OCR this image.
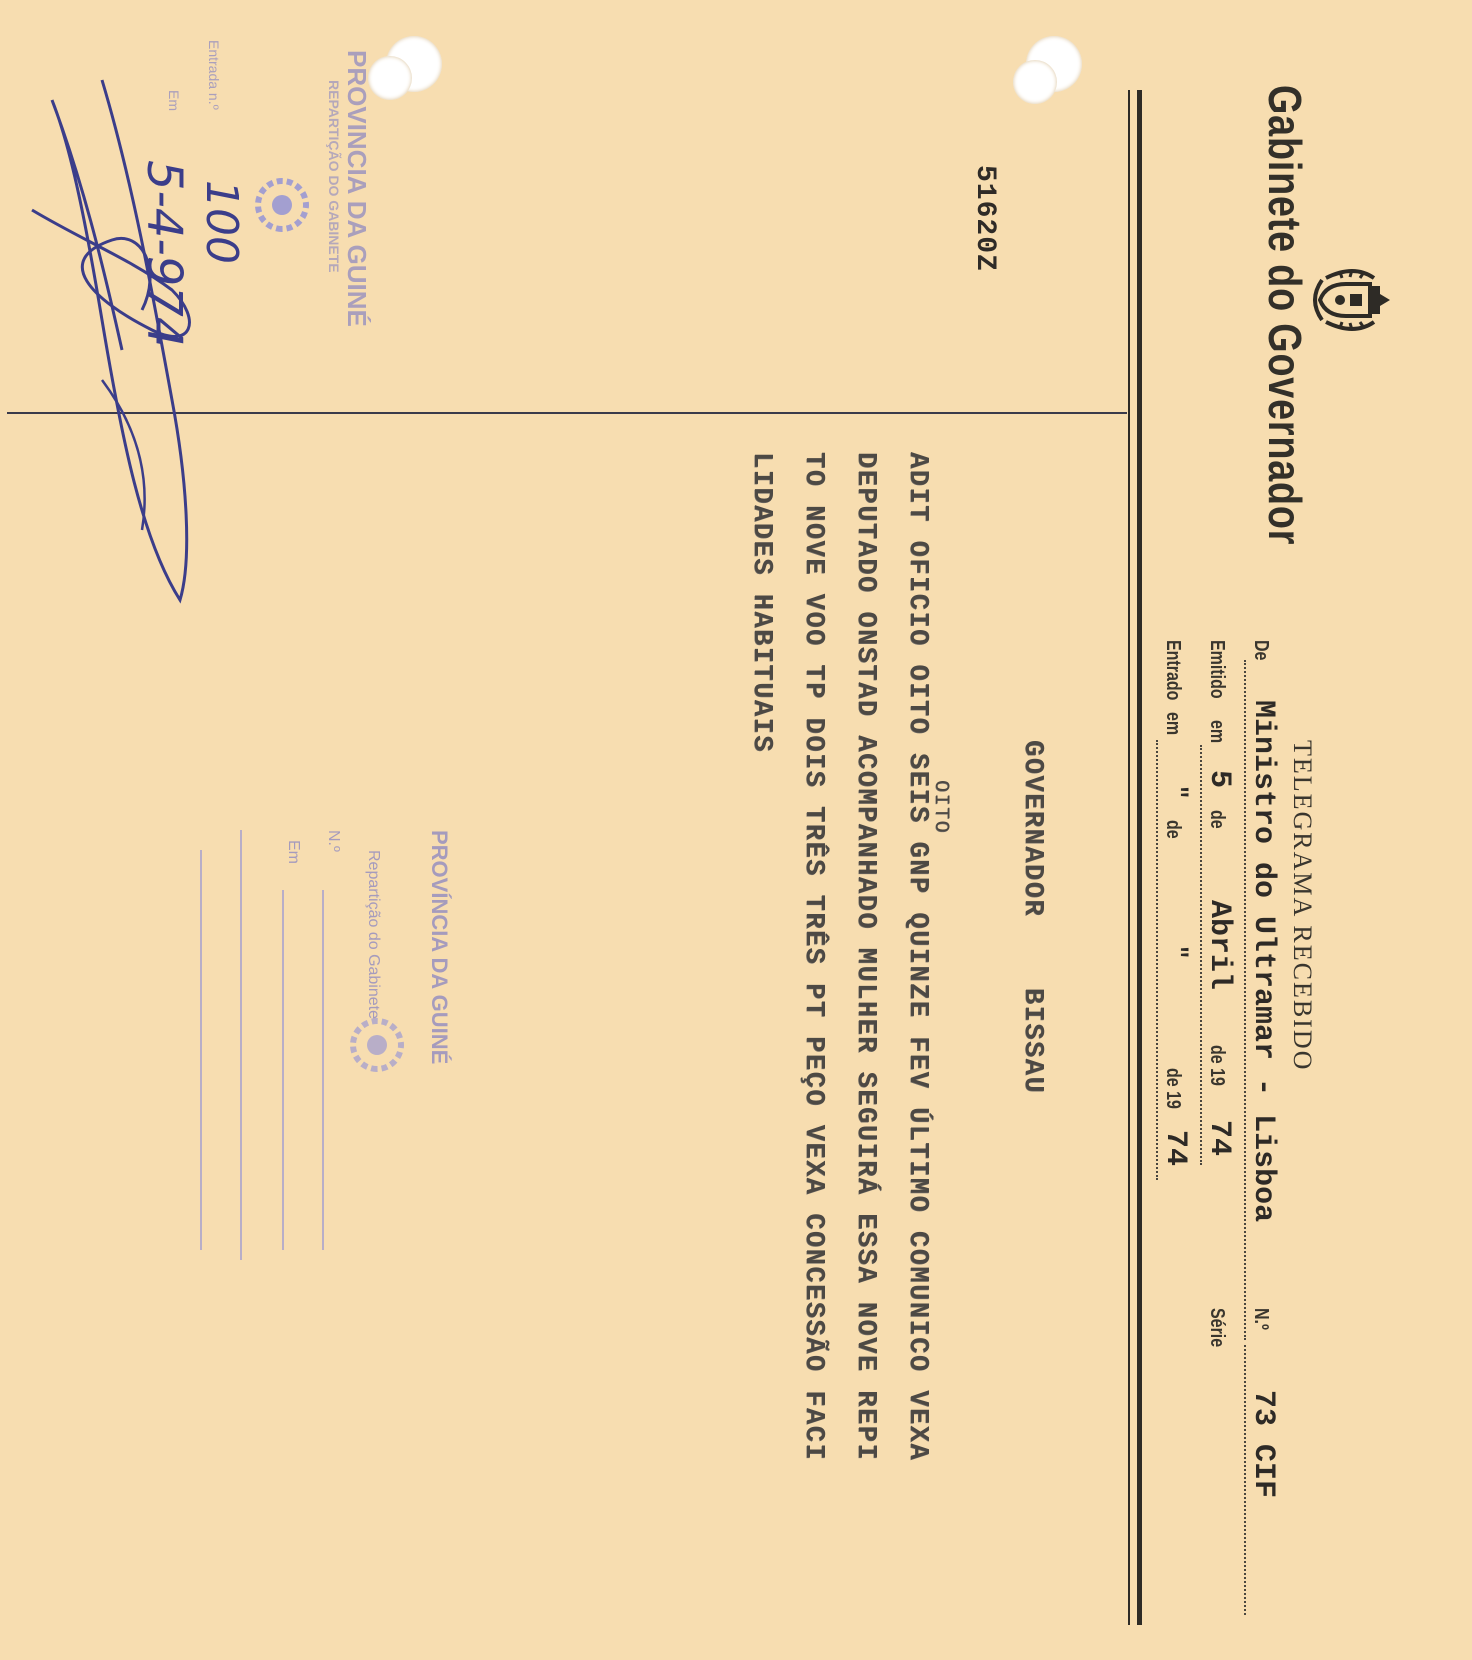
Gabinete do Governador
TELEGRAMA RECEBIDO
De
Ministro do Ultramar - Lisboa
N.º
73 CIF
Emitido
em
5
de
Abril
de 19
74
Série
Entrado
em
"
de
"
de 19
74
GOVERNADOR    BISSAU
OITO
ADIT OFICIO OITO SEIS GNP QUINZE FEV ÚLTIMO COMUNICO VEXA
DEPUTADO ONSTAD ACOMPANHADO MULHER SEGUIRÁ ESSA NOVE REPI
TO NOVE VOO TP DOIS TRÊS TRÊS PT PEÇO VEXA CONCESSÃO FACI
LIDADES HABITUAIS
51620Z
PROVINCIA DA GUINÉ
REPARTIÇÃO DO GABINETE
Entrada n.º
Em
100
5-4-974
PROVÍNCIA DA GUINÉ
Repartição do Gabinete
N.º
Em
